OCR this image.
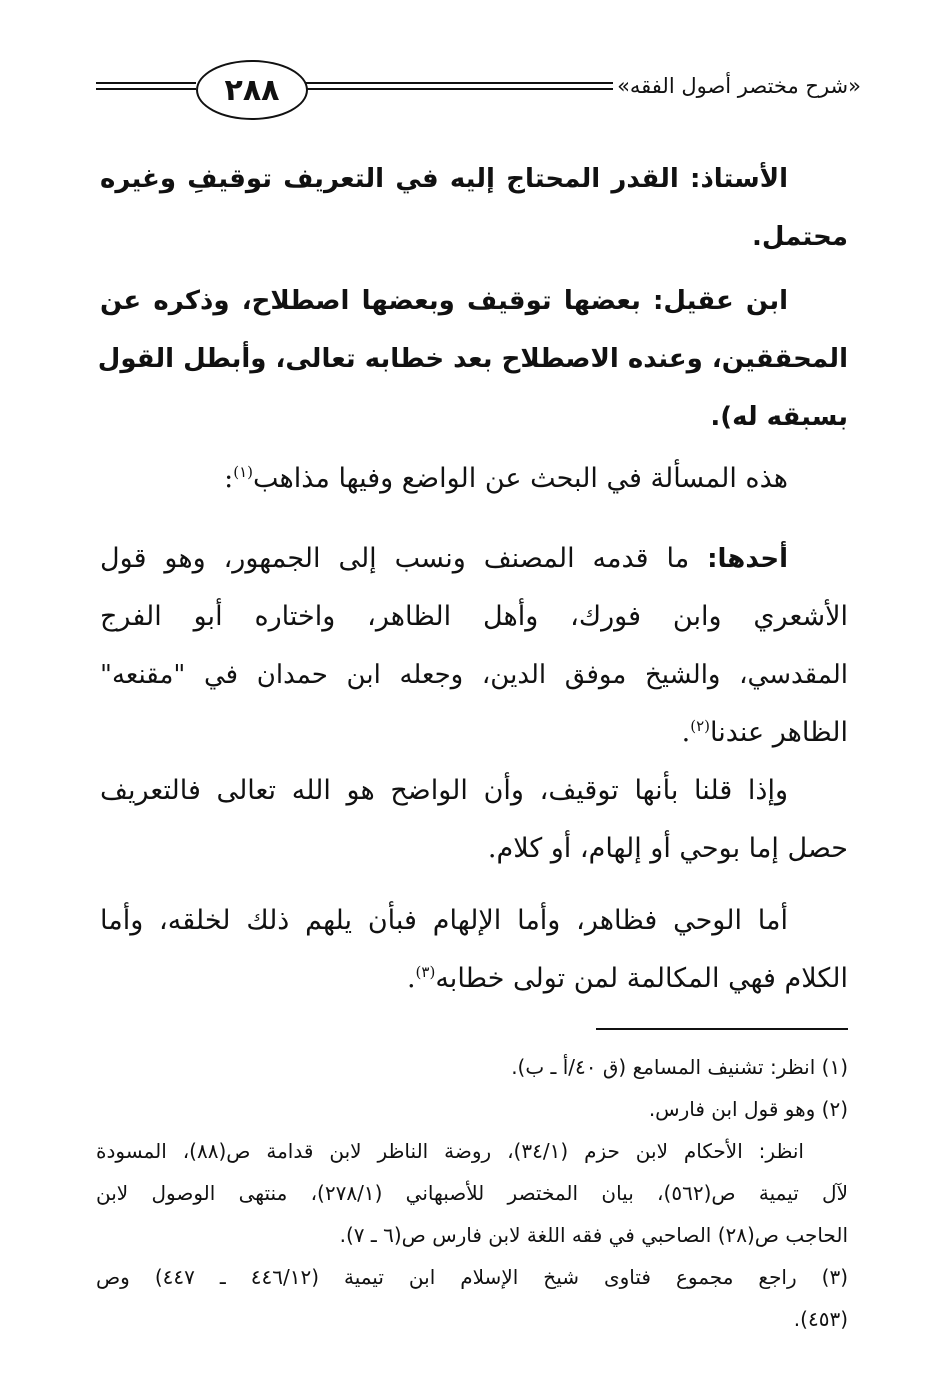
«شرح مختصر أصول الفقه»
٢٨٨
الأستاذ: القدر المحتاج إليه في التعريف توقيفِ وغيره
محتمل.
ابن عقيل: بعضها توقيف وبعضها اصطلاح، وذكره عن
المحققين، وعنده الاصطلاح بعد خطابه تعالى، وأبطل القول
بسبقه له).
هذه المسألة في البحث عن الواضع وفيها مذاهب$^{(١)}$:
أحدها: ما قدمه المصنف ونسب إلى الجمهور، وهو قول
الأشعري وابن فورك، وأهل الظاهر، واختاره أبو الفرج
المقدسي، والشيخ موفق الدين، وجعله ابن حمدان في "مقنعه"
الظاهر عندنا$^{(٢)}$.
وإذا قلنا بأنها توقيف، وأن الواضح هو الله تعالى فالتعريف
حصل إما بوحي أو إلهام، أو كلام.
أما الوحي فظاهر، وأما الإلهام فبأن يلهم ذلك لخلقه، وأما
الكلام فهي المكالمة لمن تولى خطابه$^{(٣)}$.
(١) انظر: تشنيف المسامع (ق ٤٠/أ ـ ب).
(٢) وهو قول ابن فارس.
انظر: الأحكام لابن حزم (٣٤/١)، روضة الناظر لابن قدامة ص(٨٨)، المسودة
لآل تيمية ص(٥٦٢)، بيان المختصر للأصبهاني (٢٧٨/١)، منتهى الوصول لابن
الحاجب ص(٢٨) الصاحبي في فقه اللغة لابن فارس ص(٦ ـ ٧).
(٣) راجع مجموع فتاوى شيخ الإسلام ابن تيمية (٤٤٦/١٢ ـ ٤٤٧) وص
(٤٥٣).
